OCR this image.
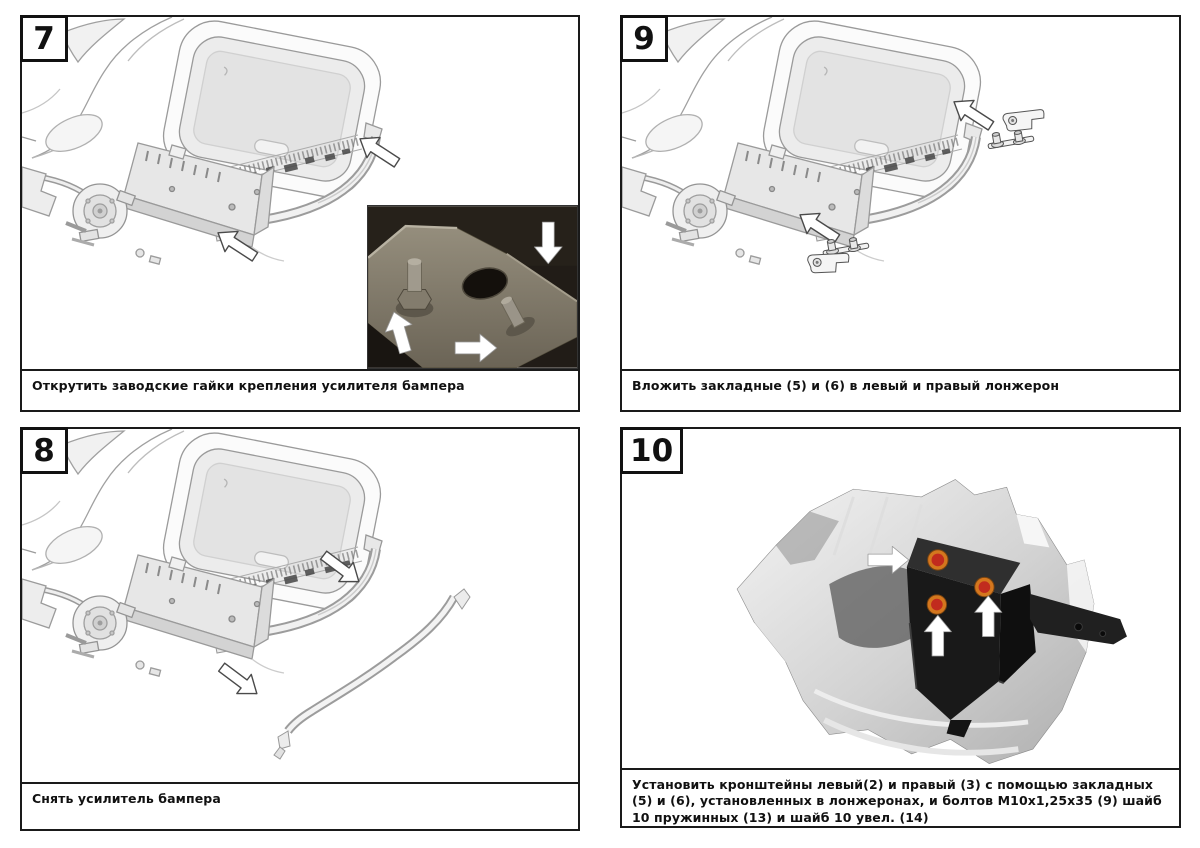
7
Открутить заводские гайки крепления усилителя бампера
9
Вложить закладные (5) и (6) в левый и правый лонжерон
8
Снять усилитель бампера
10
Установить кронштейны левый(2) и правый (3) с помощью закладных (5) и (6), установленных в лонжеронах, и болтов М10х1,25х35 (9) шайб 10 пружинных (13) и шайб 10 увел. (14)
